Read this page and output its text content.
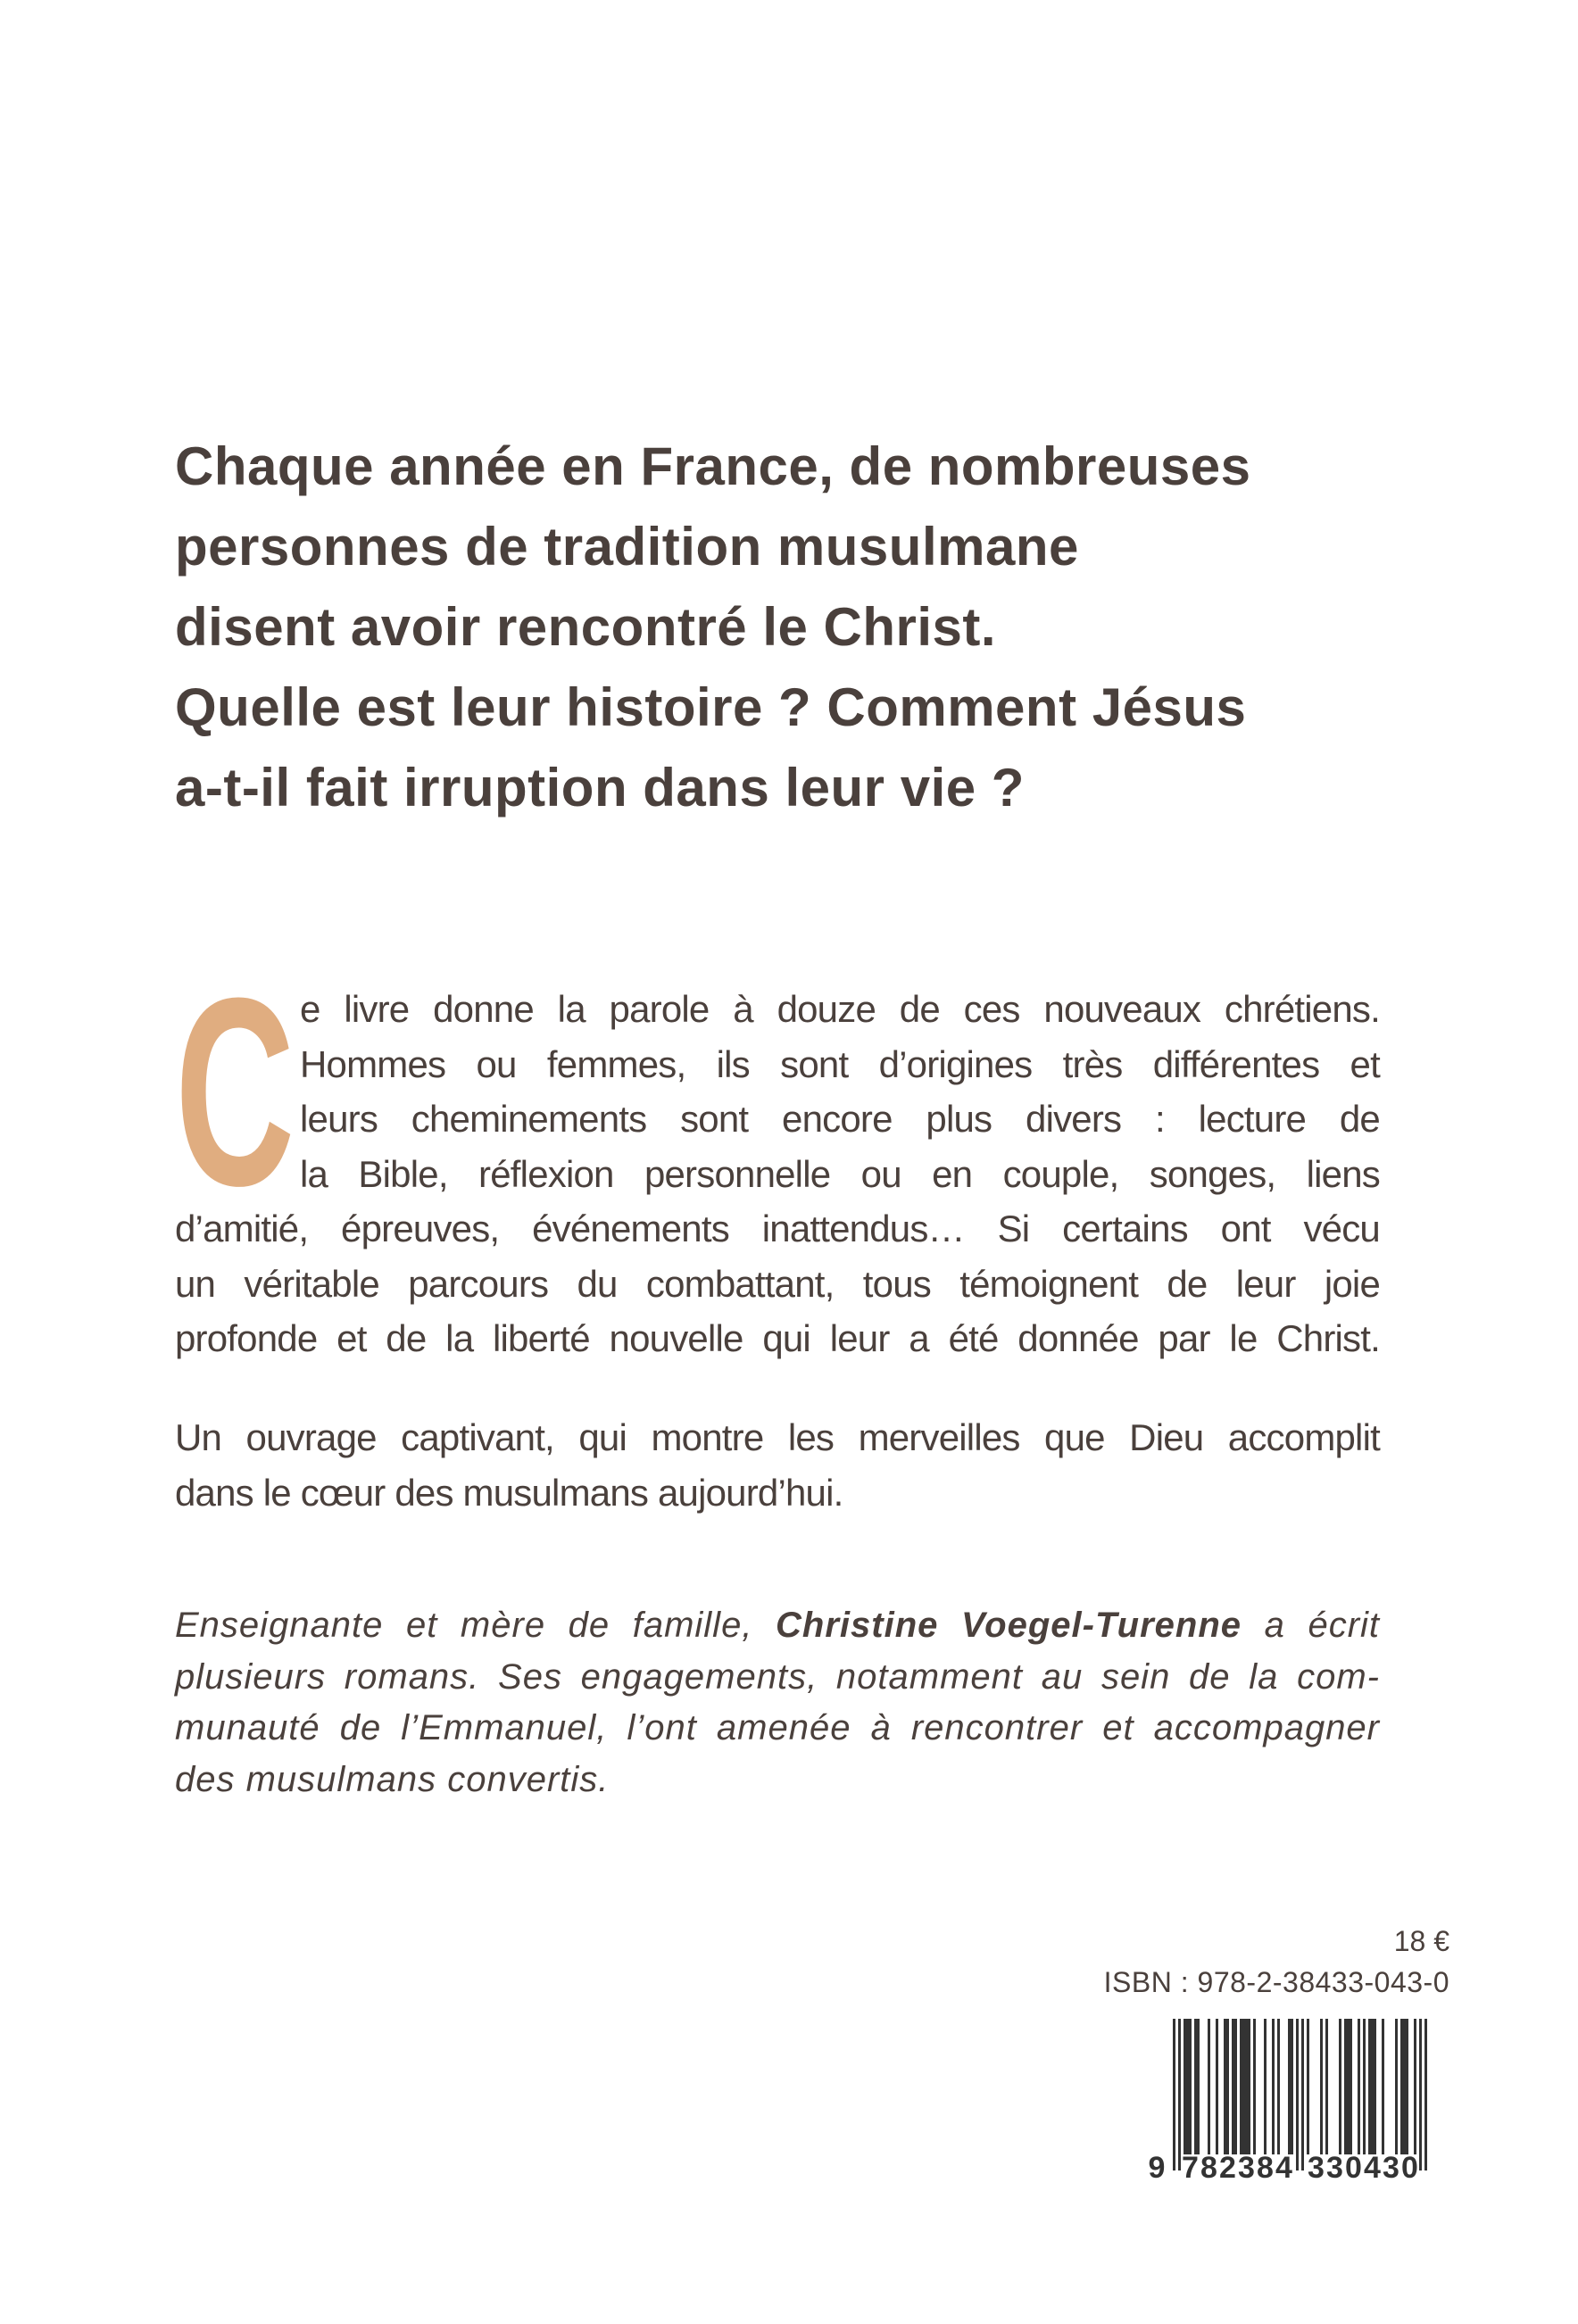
Chaque année en France, de nombreuses
personnes de tradition musulmane
disent avoir rencontré le Christ.
Quelle est leur histoire ? Comment Jésus
a-t-il fait irruption dans leur vie ?
C e livre donne la parole à douze de ces nouveaux chrétiens.
Hommes ou femmes, ils sont d’origines très différentes et
leurs cheminements sont encore plus divers : lecture de
la Bible, réflexion personnelle ou en couple, songes, liens
d’amitié, épreuves, événements inattendus… Si certains ont vécu
un véritable parcours du combattant, tous témoignent de leur joie
profonde et de la liberté nouvelle qui leur a été donnée par le Christ.
Un ouvrage captivant, qui montre les merveilles que Dieu accomplit
dans le cœur des musulmans aujourd’hui.
Enseignante et mère de famille, Christine Voegel-Turenne a écrit
plusieurs romans. Ses engagements, notamment au sein de la com-
munauté de l’Emmanuel, l’ont amenée à rencontrer et accompagner
des musulmans convertis.
18 €
ISBN : 978-2-38433-043-0
9 7 8 2 3 8 4 3 3 0 4 3 0
